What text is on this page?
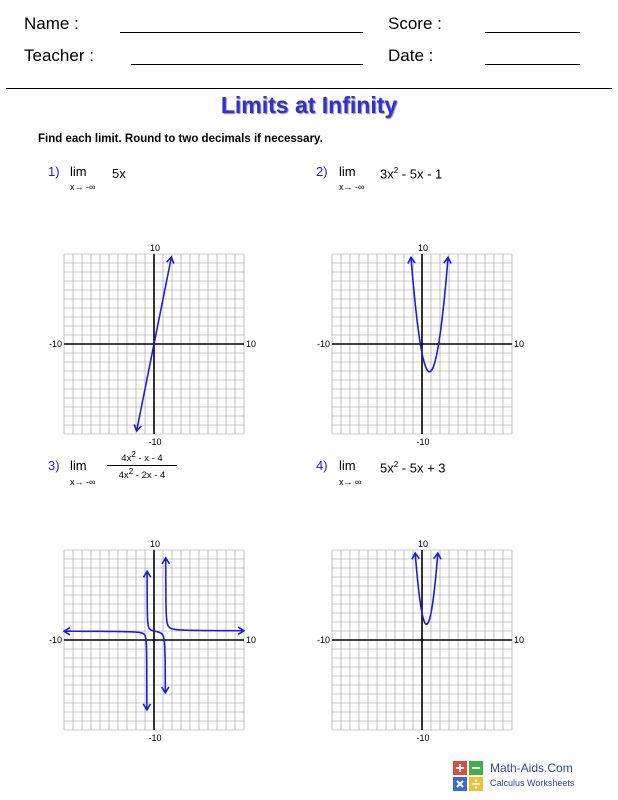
Name :	Score :
Teacher :	Date :
Limits at Infinity
Find each limit. Round to two decimals if necessary.
1) lim
x→ -∞
5x	2) lim
x→ -∞
$3x^2 - 5x - 1$
3) lim
x→ -∞
$4x^2$ - x - 4
$4x^2 - 2x - 4$
4) lim
x→ ∞
$5x^2 - 5x + 3$
-10	10
10
-10
-10	10
10
-10
-10	10
10
-10
-10	10
10
-10
Math-Aids.Com
Calculus Worksheets
